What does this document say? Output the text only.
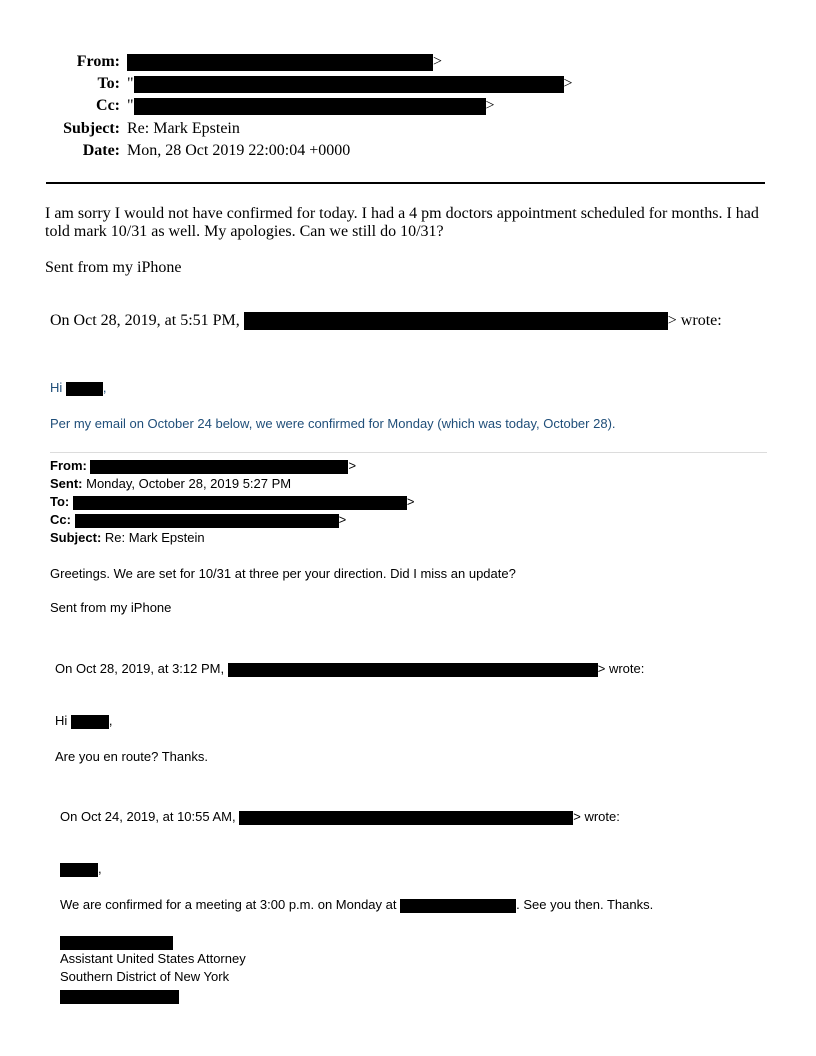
From:	>
To: "	>
Cc: "	>
Subject: Re: Mark Epstein
Date: Mon, 28 Oct 2019 22:00:04 +0000
I am sorry I would not have confirmed for today. I had a 4 pm doctors appointment scheduled for months. I had
told mark 10/31 as well. My apologies. Can we still do 10/31?
Sent from my iPhone
On Oct 28, 2019, at 5:51 PM,	> wrote:
Hi	,
Per my email on October 24 below, we were confirmed for Monday (which was today, October 28).
From:	>
Sent: Monday, October 28, 2019 5:27 PM
To:	>
Cc:	>
Subject: Re: Mark Epstein
Greetings. We are set for 10/31 at three per your direction. Did I miss an update?
Sent from my iPhone
On Oct 28, 2019, at 3:12 PM,	> wrote:
Hi	,
Are you en route? Thanks.
On Oct 24, 2019, at 10:55 AM,	> wrote:
,
We are confirmed for a meeting at 3:00 p.m. on Monday at	. See you then. Thanks.
Assistant United States Attorney
Southern District of New York
